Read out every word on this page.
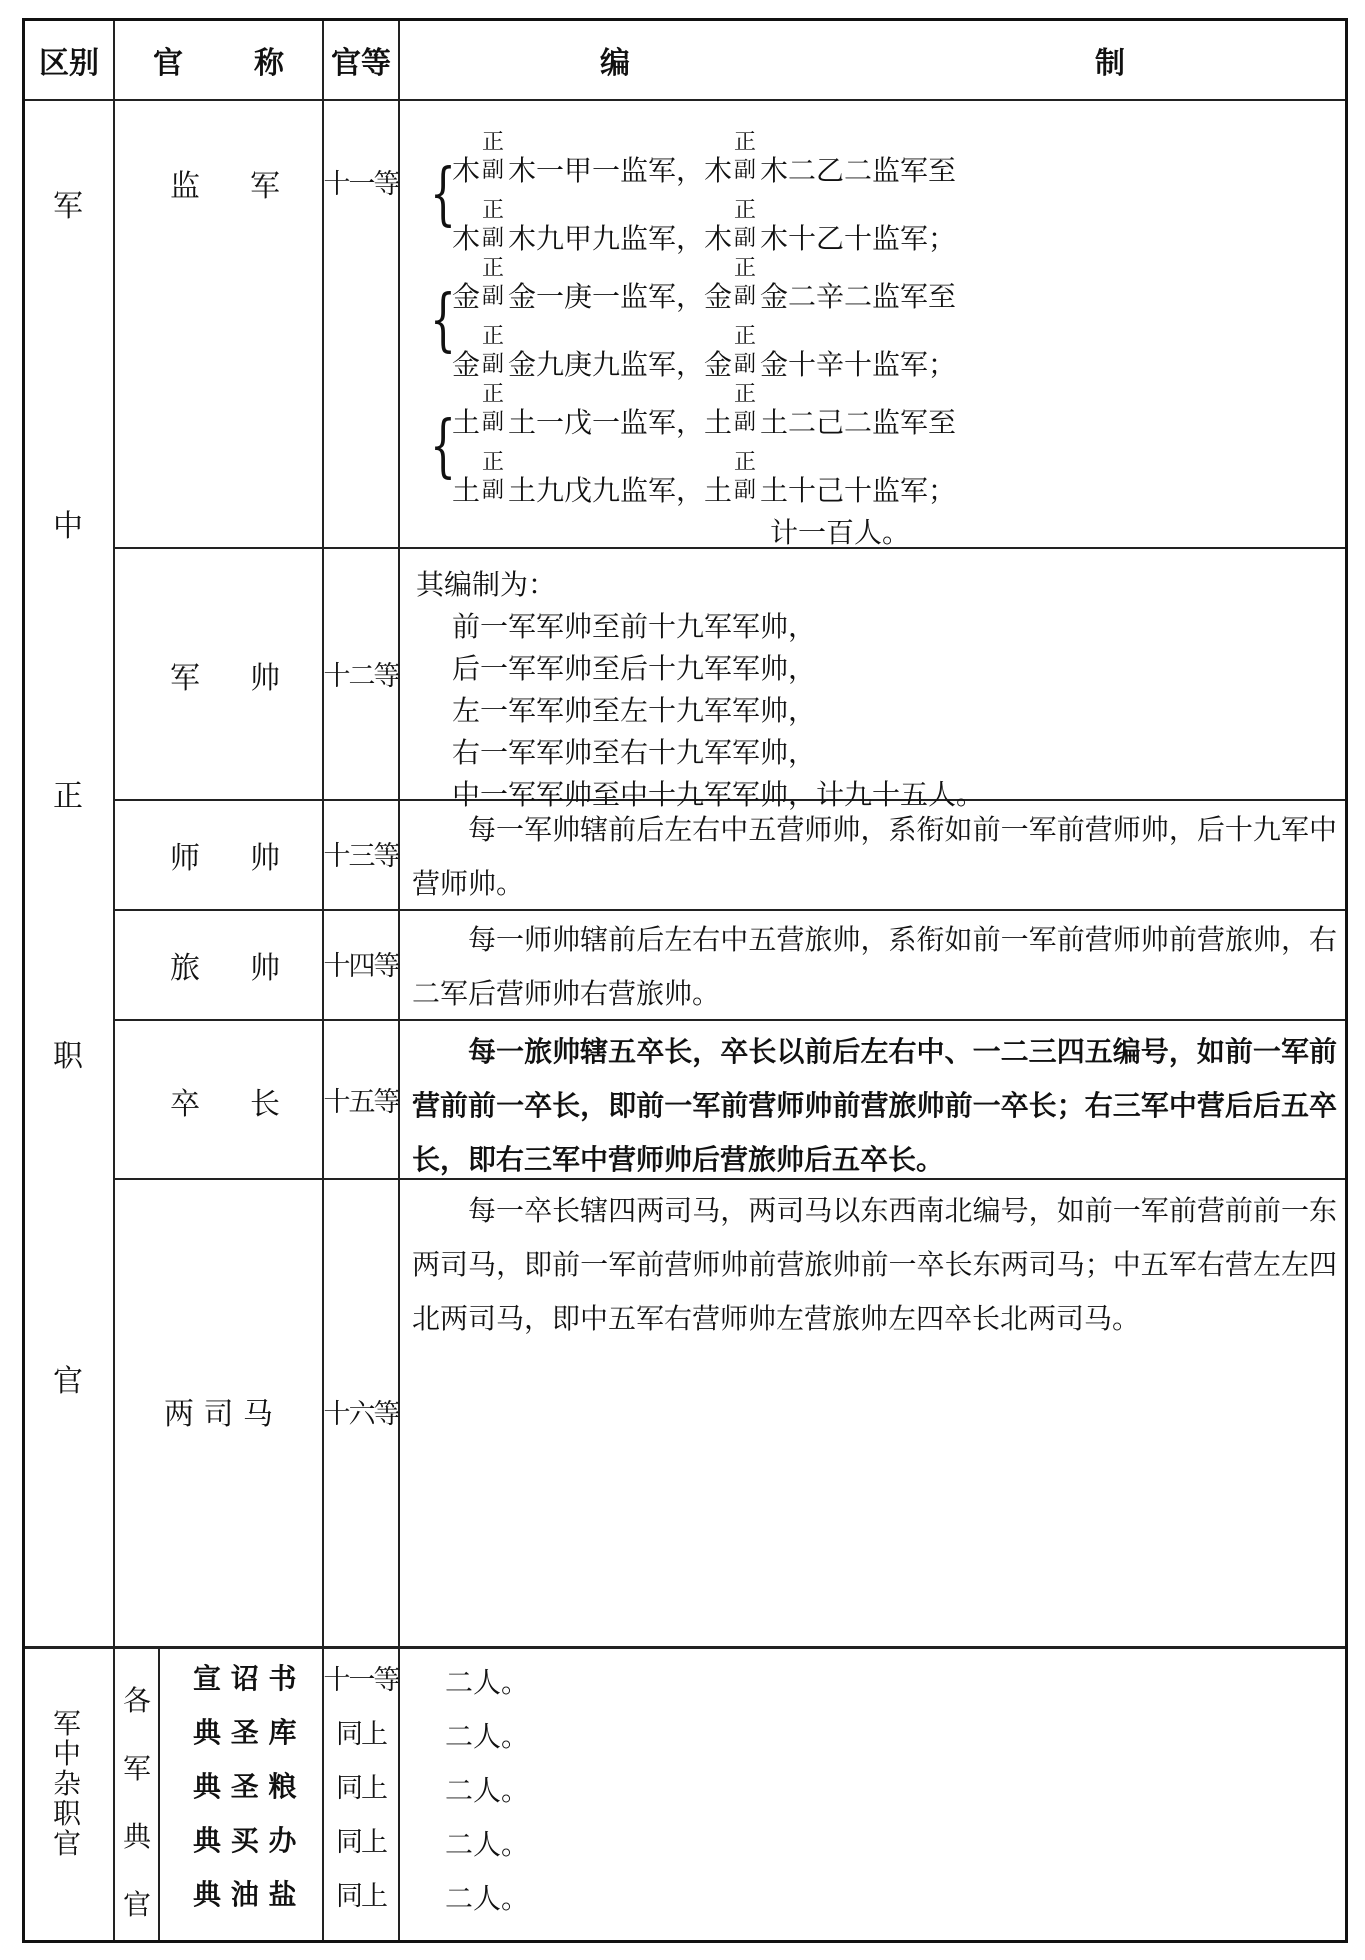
区别 官 称 官等	编	制
军
中
正
职
官
监 军 十一等 {
木
正
副 木一甲一监军，木
正
副 木二乙二监军至
木
正
副 木九甲九监军，木
正
副 木十乙十监军；
{
金
正
副 金一庚一监军，金
正
副 金二辛二监军至
金
正
副 金九庚九监军，金
正
副 金十辛十监军；
{
土
正
副 土一戊一监军，土
正
副 土二己二监军至
土
正
副 土九戊九监军，土
正
副 土十己十监军；
计一百人。
军 帅 十二等
其编制为：
前一军军帅至前十九军军帅，
后一军军帅至后十九军军帅，
左一军军帅至左十九军军帅，
右一军军帅至右十九军军帅，
中一军军帅至中十九军军帅，计九十五人。
师 帅 十三等
每一军帅辖前后左右中五营师帅，系衔如前一军前营师帅，后十九军中营师帅。
旅 帅 十四等
每一师帅辖前后左右中五营旅帅，系衔如前一军前营师帅前营旅帅，右二军后营师帅右营旅帅。
卒 长 十五等
每一旅帅辖五卒长，卒长以前后左右中、一二三四五编号，如前一军前营前前一卒长，即前一军前营师帅前营旅帅前一卒长；右三军中营后后五卒长，即右三军中营师帅后营旅帅后五卒长。
两 司 马 十六等
每一卒长辖四两司马，两司马以东西南北编号，如前一军前营前前一东两司马，即前一军前营师帅前营旅帅前一卒长东两司马；中五军右营左左四北两司马，即中五军右营师帅左营旅帅左四卒长北两司马。
军
中
杂
职
官
各
军
典
官
宣 诏 书
典 圣 库
典 圣 粮
典 买 办
典 油 盐
十一等
同上
同上
同上
同上
二人。
二人。
二人。
二人。
二人。
